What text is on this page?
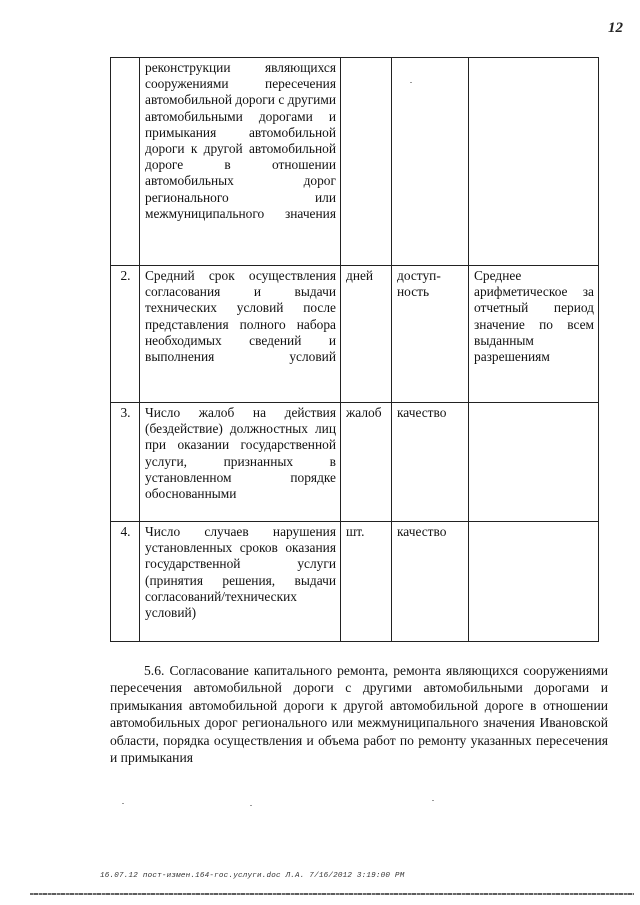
12
	реконструкции являющихся сооружениями пересечения автомобильной дороги с другими автомобильными дорогами и примыкания автомобильной дороги к другой автомобильной дороге в отношении автомобильных дорог регионального или межмуниципального значения			
2.	Средний срок осуществления согласования и выдачи технических условий после представления полного набора необходимых сведений и выполнения условий	дней	доступ-ность	Среднее арифметическое за отчетный период значение по всем выданным разрешениям
3.	Число жалоб на действия (бездействие) должностных лиц при оказании государственной услуги, признанных в установленном порядке обоснованными	жалоб	качество	
4.	Число случаев нарушения установленных сроков оказания государственной услуги (принятия решения, выдачи согласований/технических условий)	шт.	качество	
5.6. Согласование капитального ремонта, ремонта являющихся сооружениями пересечения автомобильной дороги с другими автомобильными дорогами и примыкания автомобильной дороги к другой автомобильной дороге в отношении автомобильных дорог регионального или межмуниципального значения Ивановской области, порядка осуществления и объема работ по ремонту указанных пересечения и примыкания
16.07.12 пост-измен.164-гос.услуги.doc Л.А. 7/16/2012 3:19:00 PM
